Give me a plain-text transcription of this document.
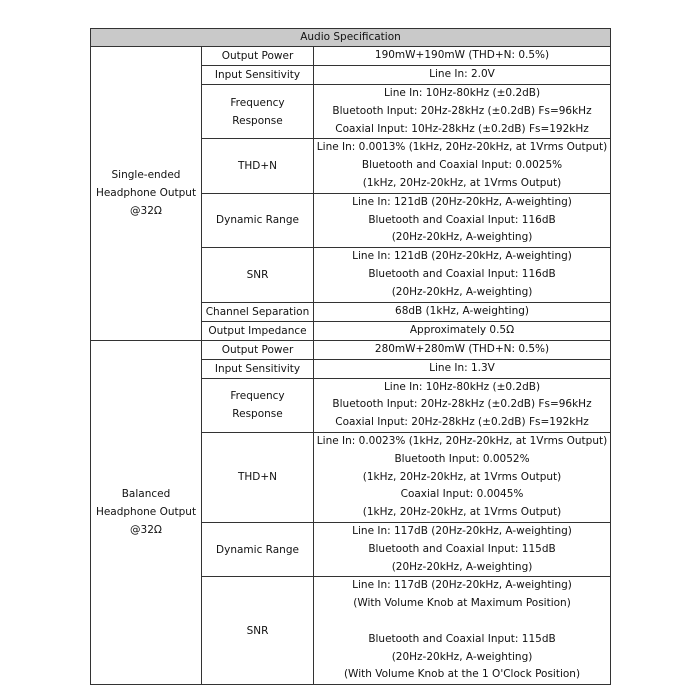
Audio Specification		

Single-ended
Headphone Output
@32Ω	Output Power	190mW+190mW (THD+N: 0.5%)

	Input Sensitivity	Line In: 2.0V

	Frequency
Response	Line In: 10Hz-80kHz (±0.2dB)
Bluetooth Input: 20Hz-28kHz (±0.2dB) Fs=96kHz
Coaxial Input: 10Hz-28kHz (±0.2dB) Fs=192kHz

	THD+N	Line In: 0.0013% (1kHz, 20Hz-20kHz, at 1Vrms Output)
Bluetooth and Coaxial Input: 0.0025%
(1kHz, 20Hz-20kHz, at 1Vrms Output)

	Dynamic Range	Line In: 121dB (20Hz-20kHz, A-weighting)
Bluetooth and Coaxial Input: 116dB
(20Hz-20kHz, A-weighting)

	SNR	Line In: 121dB (20Hz-20kHz, A-weighting)
Bluetooth and Coaxial Input: 116dB
(20Hz-20kHz, A-weighting)

	Channel Separation	68dB (1kHz, A-weighting)

	Output Impedance	Approximately 0.5Ω

Balanced
Headphone Output
@32Ω	Output Power	280mW+280mW (THD+N: 0.5%)

	Input Sensitivity	Line In: 1.3V

	Frequency
Response	Line In: 10Hz-80kHz (±0.2dB)
Bluetooth Input: 20Hz-28kHz (±0.2dB) Fs=96kHz
Coaxial Input: 20Hz-28kHz (±0.2dB) Fs=192kHz

	THD+N	Line In: 0.0023% (1kHz, 20Hz-20kHz, at 1Vrms Output)
Bluetooth Input: 0.0052%
(1kHz, 20Hz-20kHz, at 1Vrms Output)
Coaxial Input: 0.0045%
(1kHz, 20Hz-20kHz, at 1Vrms Output)

	Dynamic Range	Line In: 117dB (20Hz-20kHz, A-weighting)
Bluetooth and Coaxial Input: 115dB
(20Hz-20kHz, A-weighting)

	SNR	Line In: 117dB (20Hz-20kHz, A-weighting)
(With Volume Knob at Maximum Position)
Bluetooth and Coaxial Input: 115dB
(20Hz-20kHz, A-weighting)
(With Volume Knob at the 1 O'Clock Position)
